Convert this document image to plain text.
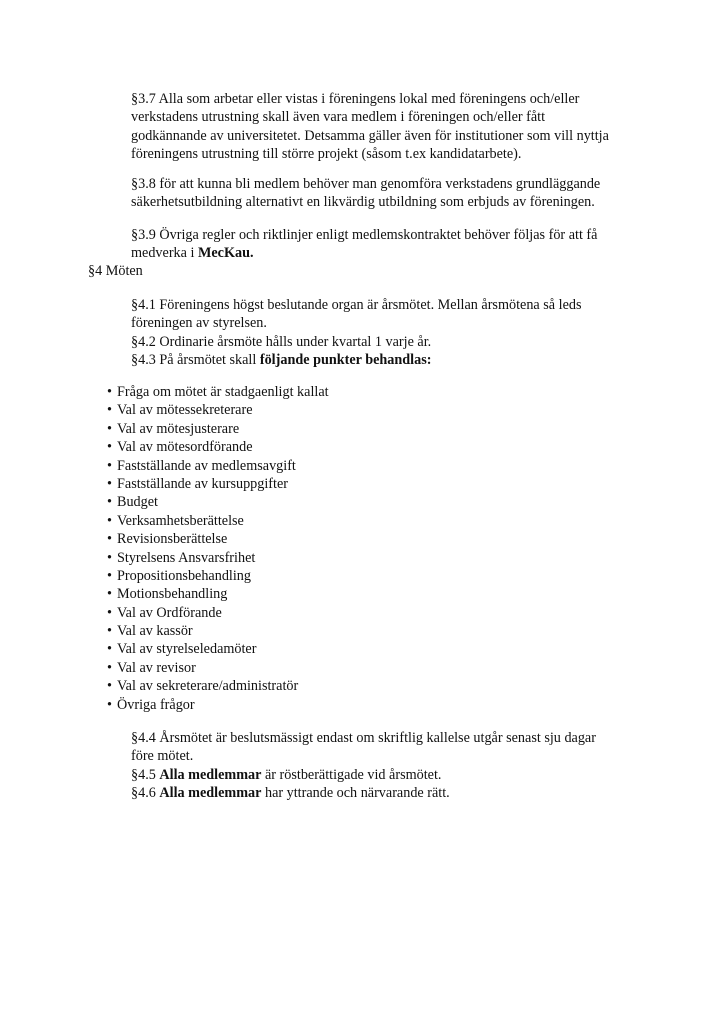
§3.7 Alla som arbetar eller vistas i föreningens lokal med föreningens och/eller
verkstadens utrustning skall även vara medlem i föreningen och/eller fått
godkännande av universitetet. Detsamma gäller även för institutioner som vill nyttja
föreningens utrustning till större projekt (såsom t.ex kandidatarbete).

§3.8 för att kunna bli medlem behöver man genomföra verkstadens grundläggande
säkerhetsutbildning alternativt en likvärdig utbildning som erbjuds av föreningen.

§3.9 Övriga regler och riktlinjer enligt medlemskontraktet behöver följas för att få
medverka i MecKau.

§4 Möten

§4.1 Föreningens högst beslutande organ är årsmötet. Mellan årsmötena så leds
föreningen av styrelsen.
§4.2 Ordinarie årsmöte hålls under kvartal 1 varje år.
§4.3 På årsmötet skall följande punkter behandlas:

• Fråga om mötet är stadgaenligt kallat
• Val av mötessekreterare
• Val av mötesjusterare
• Val av mötesordförande
• Fastställande av medlemsavgift
• Fastställande av kursuppgifter
• Budget
• Verksamhetsberättelse
• Revisionsberättelse
• Styrelsens Ansvarsfrihet
• Propositionsbehandling
• Motionsbehandling
• Val av Ordförande
• Val av kassör
• Val av styrelseledamöter
• Val av revisor
• Val av sekreterare/administratör
• Övriga frågor

§4.4 Årsmötet är beslutsmässigt endast om skriftlig kallelse utgår senast sju dagar
före mötet.
§4.5 Alla medlemmar är röstberättigade vid årsmötet.
§4.6 Alla medlemmar har yttrande och närvarande rätt.
